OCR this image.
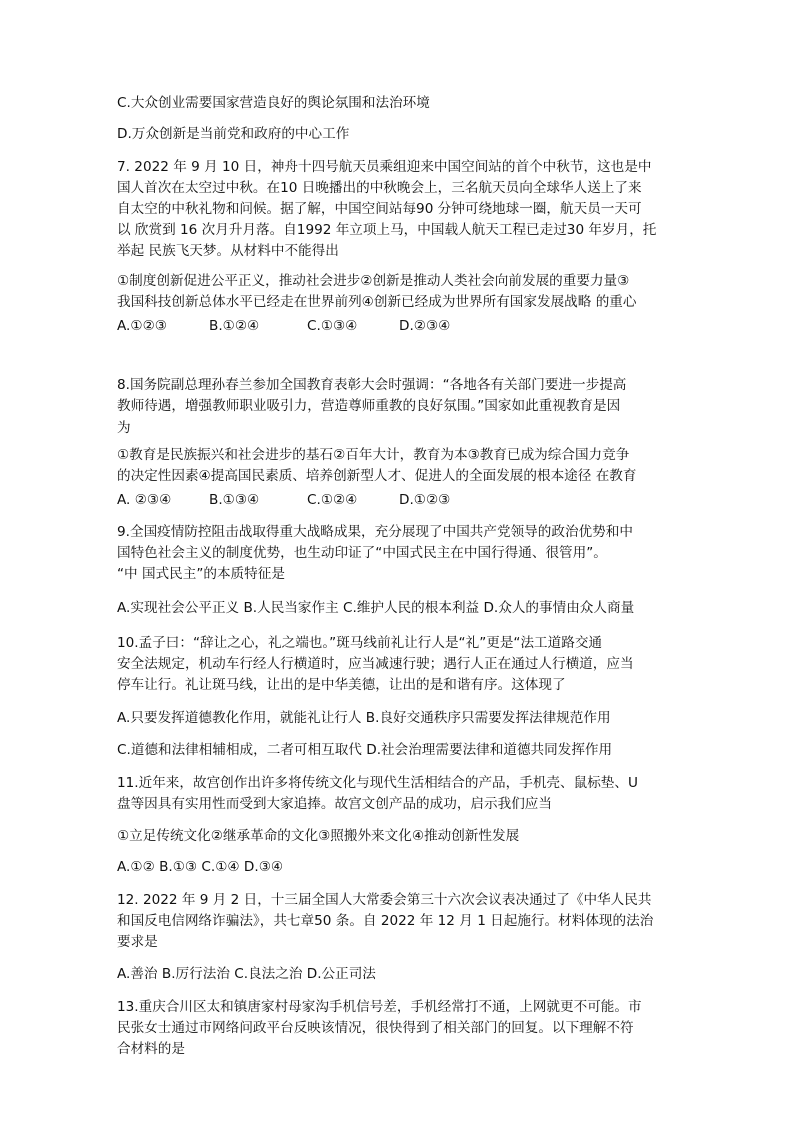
C.大众创业需要国家营造良好的舆论氛围和法治环境
D.万众创新是当前党和政府的中心工作
7. 2022 年 9 月 10 日，神舟十四号航天员乘组迎来中国空间站的首个中秋节，这也是中
国人首次在太空过中秋。在10 日晚播出的中秋晚会上，三名航天员向全球华人送上了来
自太空的中秋礼物和问候。据了解，中国空间站每90 分钟可绕地球一圈，航天员一天可
以 欣赏到 16 次月升月落。自1992 年立项上马，中国载人航天工程已走过30 年岁月，托
举起 民族飞天梦。从材料中不能得出
①制度创新促进公平正义，推动社会进步②创新是推动人类社会向前发展的重要力量③
我国科技创新总体水平已经走在世界前列④创新已经成为世界所有国家发展战略 的重心
8.国务院副总理孙春兰参加全国教育表彰大会时强调：“各地各有关部门要进一步提高
教师待遇，增强教师职业吸引力，营造尊师重教的良好氛围。”国家如此重视教育是因
为
①教育是民族振兴和社会进步的基石②百年大计，教育为本③教育已成为综合国力竞争
的决定性因素④提高国民素质、培养创新型人才、促进人的全面发展的根本途径 在教育
9.全国疫情防控阻击战取得重大战略成果，充分展现了中国共产党领导的政治优势和中
国特色社会主义的制度优势，也生动印证了“中国式民主在中国行得通、很管用”。
“中 国式民主”的本质特征是
A.实现社会公平正义 B.人民当家作主 C.维护人民的根本利益 D.众人的事情由众人商量
10.孟子曰：“辞让之心，礼之端也。”斑马线前礼让行人是“礼”更是“法工道路交通
安全法规定，机动车行经人行横道时，应当减速行驶；遇行人正在通过人行横道，应当
停车让行。礼让斑马线，让出的是中华美德，让出的是和谐有序。这体现了
A.只要发挥道德教化作用，就能礼让行人 B.良好交通秩序只需要发挥法律规范作用
C.道德和法律相辅相成，二者可相互取代 D.社会治理需要法律和道德共同发挥作用
11.近年来，故宫创作出许多将传统文化与现代生活相结合的产品，手机壳、鼠标垫、U
盘等因具有实用性而受到大家追捧。故宫文创产品的成功，启示我们应当
①立足传统文化②继承革命的文化③照搬外来文化④推动创新性发展
A.①② B.①③ C.①④ D.③④
12. 2022 年 9 月 2 日，十三届全国人大常委会第三十六次会议表决通过了《中华人民共
和国反电信网络诈骗法》，共七章50 条。自 2022 年 12 月 1 日起施行。材料体现的法治
要求是
A.善治 B.厉行法治 C.良法之治 D.公正司法
13.重庆合川区太和镇唐家村母家沟手机信号差，手机经常打不通，上网就更不可能。市
民张女士通过市网络问政平台反映该情况，很快得到了相关部门的回复。以下理解不符
合材料的是
A.①②③	B.①②④	C.①③④	D.②③④
A. ②③④	B.①③④	C.①②④	D.①②③
